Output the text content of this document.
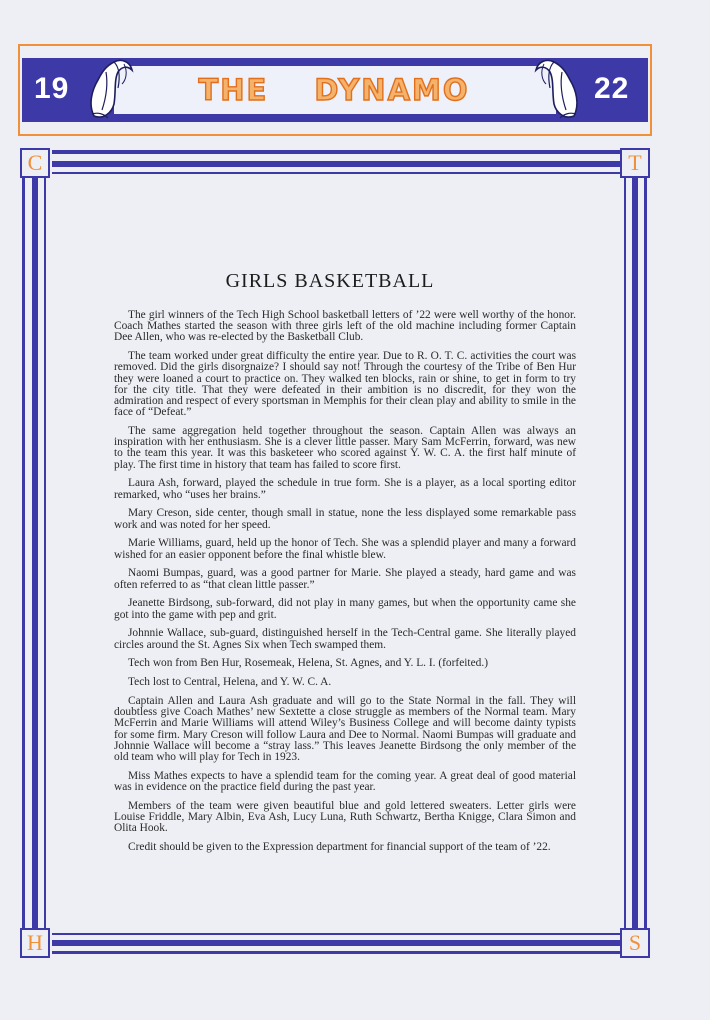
19	22
THE DYNAMO
C	T
H	S
GIRLS BASKETBALL

The girl winners of the Tech High School basketball letters of ’22 were well worthy of the honor. Coach Mathes started the season with three girls left of the old machine including former Captain Dee Allen, who was re-elected by the Basketball Club.

The team worked under great difficulty the entire year. Due to R. O. T. C. activities the court was removed. Did the girls disorgnaize? I should say not! Through the courtesy of the Tribe of Ben Hur they were loaned a court to practice on. They walked ten blocks, rain or shine, to get in form to try for the city title. That they were defeated in their ambition is no discredit, for they won the admiration and respect of every sportsman in Memphis for their clean play and ability to smile in the face of “Defeat.”

The same aggregation held together throughout the season. Captain Allen was always an inspiration with her enthusiasm. She is a clever little passer. Mary Sam McFerrin, forward, was new to the team this year. It was this basketeer who scored against Y. W. C. A. the first half minute of play. The first time in history that team has failed to score first.

Laura Ash, forward, played the schedule in true form. She is a player, as a local sporting editor remarked, who “uses her brains.”

Mary Creson, side center, though small in statue, none the less displayed some remarkable pass work and was noted for her speed.

Marie Williams, guard, held up the honor of Tech. She was a splendid player and many a forward wished for an easier opponent before the final whistle blew.

Naomi Bumpas, guard, was a good partner for Marie. She played a steady, hard game and was often referred to as “that clean little passer.”

Jeanette Birdsong, sub-forward, did not play in many games, but when the opportunity came she got into the game with pep and grit.

Johnnie Wallace, sub-guard, distinguished herself in the Tech-Central game. She literally played circles around the St. Agnes Six when Tech swamped them.

Tech won from Ben Hur, Rosemeak, Helena, St. Agnes, and Y. L. I. (forfeited.)

Tech lost to Central, Helena, and Y. W. C. A.

Captain Allen and Laura Ash graduate and will go to the State Normal in the fall. They will doubtless give Coach Mathes’ new Sextette a close struggle as members of the Normal team. Mary McFerrin and Marie Williams will attend Wiley’s Business College and will become dainty typists for some firm. Mary Creson will follow Laura and Dee to Normal. Naomi Bumpas will graduate and Johnnie Wallace will become a “stray lass.” This leaves Jeanette Birdsong the only member of the old team who will play for Tech in 1923.

Miss Mathes expects to have a splendid team for the coming year. A great deal of good material was in evidence on the practice field during the past year.

Members of the team were given beautiful blue and gold lettered sweaters. Letter girls were Louise Friddle, Mary Albin, Eva Ash, Lucy Luna, Ruth Schwartz, Bertha Knigge, Clara Simon and Olita Hook.

Credit should be given to the Expression department for financial support of the team of ’22.
